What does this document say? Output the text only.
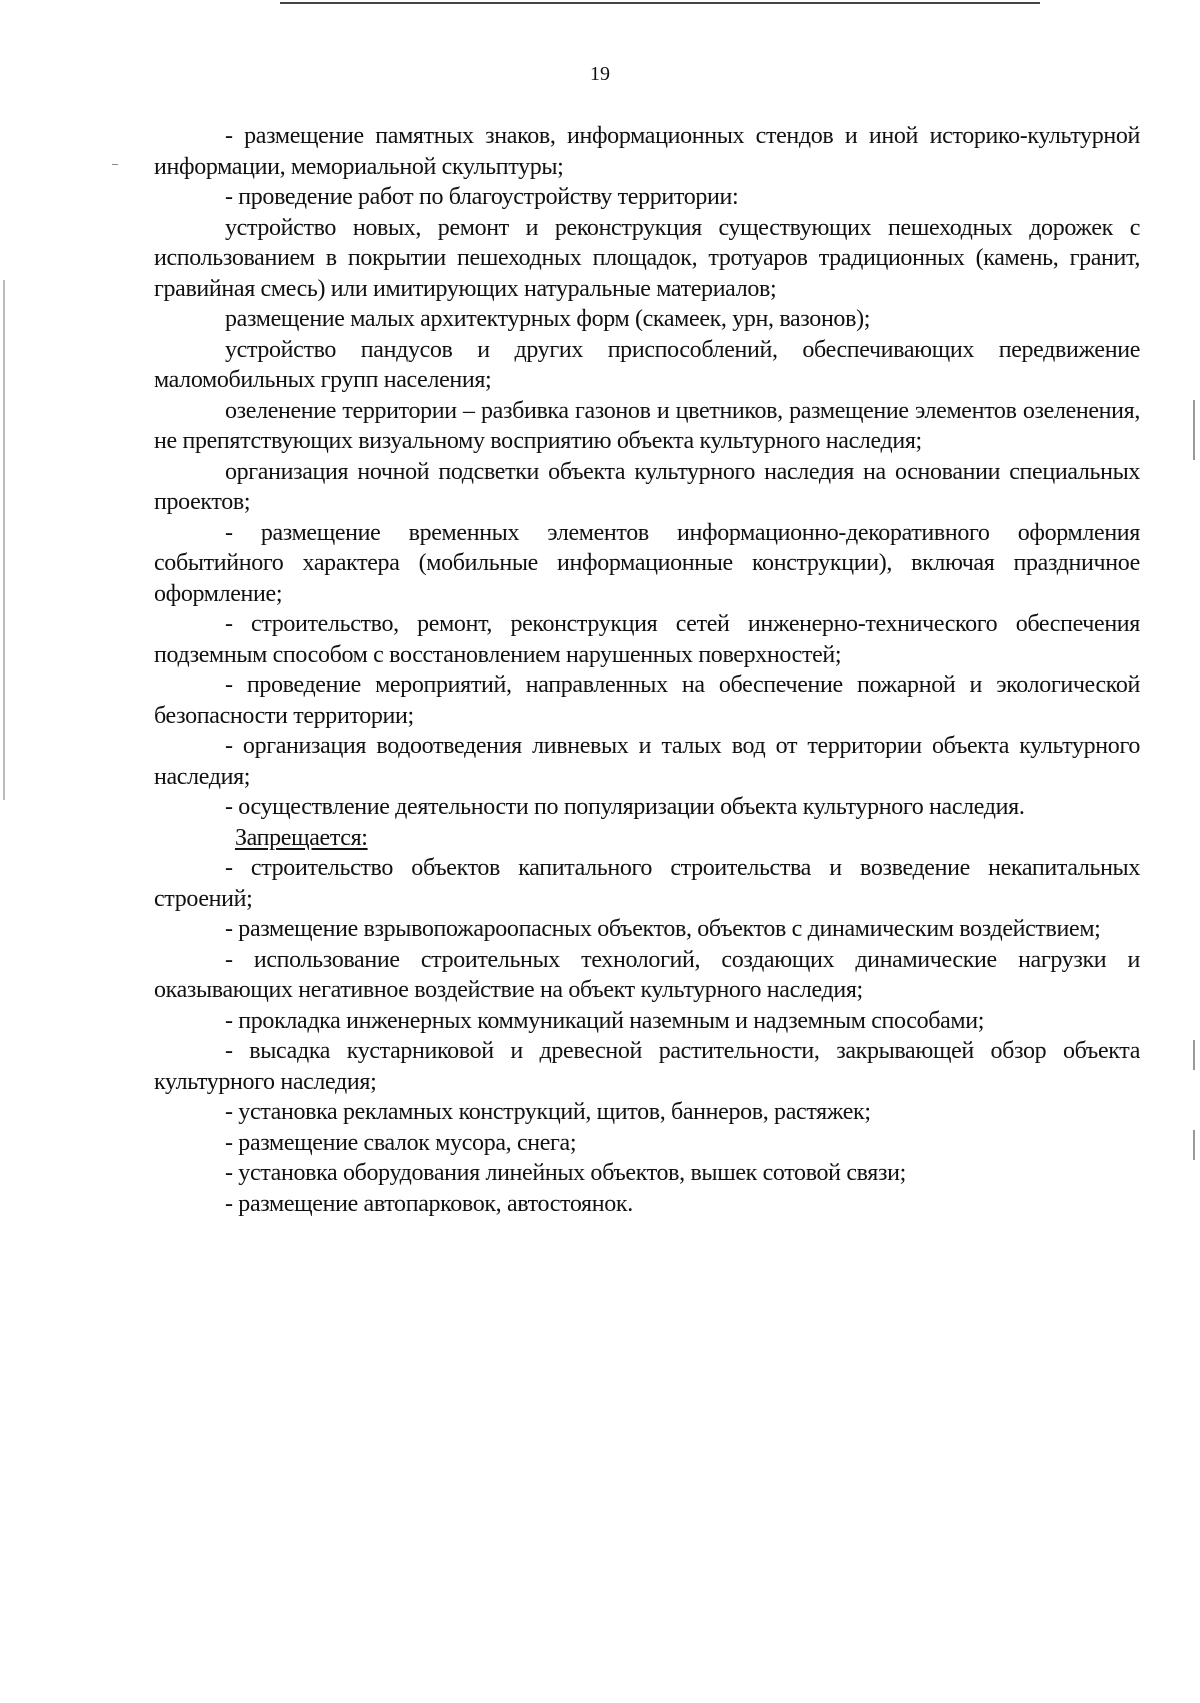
19

- размещение памятных знаков, информационных стендов и иной историко-культурной информации, мемориальной скульптуры;

- проведение работ по благоустройству территории:

устройство новых, ремонт и реконструкция существующих пешеходных дорожек с использованием в покрытии пешеходных площадок, тротуаров традиционных (камень, гранит, гравийная смесь) или имитирующих натуральные материалов;

размещение малых архитектурных форм (скамеек, урн, вазонов);

устройство пандусов и других приспособлений, обеспечивающих передвижение маломобильных групп населения;

озеленение территории – разбивка газонов и цветников, размещение элементов озеленения, не препятствующих визуальному восприятию объекта культурного наследия;

организация ночной подсветки объекта культурного наследия на основании специальных проектов;

- размещение временных элементов информационно-декоративного оформления событийного характера (мобильные информационные конструкции), включая праздничное оформление;

- строительство, ремонт, реконструкция сетей инженерно-технического обеспечения подземным способом с восстановлением нарушенных поверхностей;

- проведение мероприятий, направленных на обеспечение пожарной и экологической безопасности территории;

- организация водоотведения ливневых и талых вод от территории объекта культурного наследия;

- осуществление деятельности по популяризации объекта культурного наследия.

Запрещается:

- строительство объектов капитального строительства и возведение некапитальных строений;

- размещение взрывопожароопасных объектов, объектов с динамическим воздействием;

- использование строительных технологий, создающих динамические нагрузки и оказывающих негативное воздействие на объект культурного наследия;

- прокладка инженерных коммуникаций наземным и надземным способами;

- высадка кустарниковой и древесной растительности, закрывающей обзор объекта культурного наследия;

- установка рекламных конструкций, щитов, баннеров, растяжек;

- размещение свалок мусора, снега;

- установка оборудования линейных объектов, вышек сотовой связи;

- размещение автопарковок, автостоянок.
